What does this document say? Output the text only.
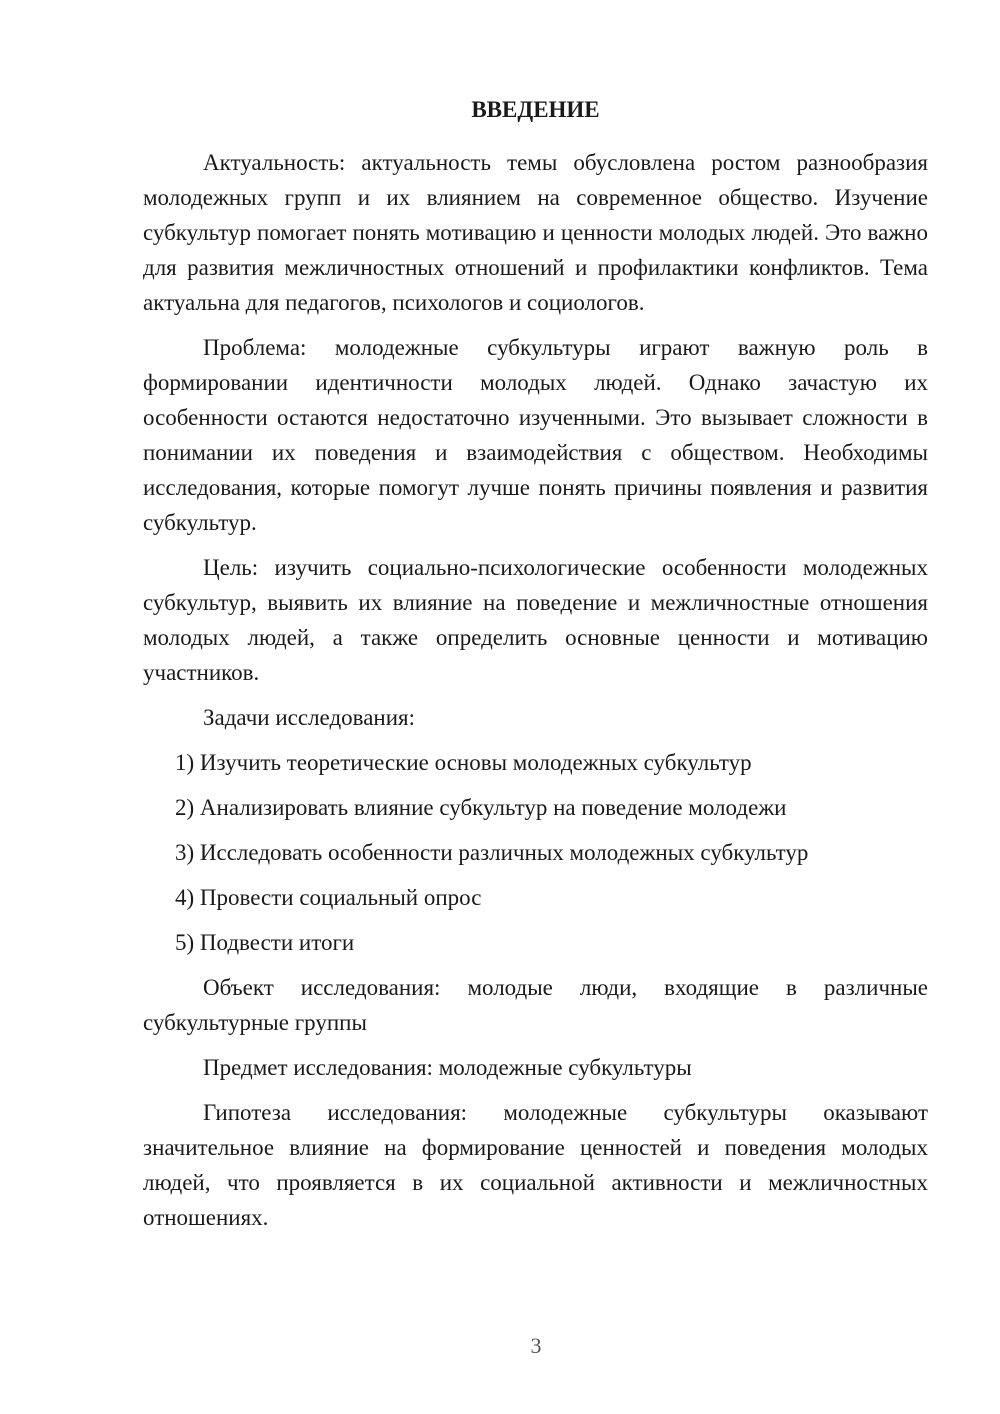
ВВЕДЕНИЕ

Актуальность: актуальность темы обусловлена ростом разнообразия молодежных групп и их влиянием на современное общество. Изучение субкультур помогает понять мотивацию и ценности молодых людей. Это важно для развития межличностных отношений и профилактики конфликтов. Тема актуальна для педагогов, психологов и социологов.

Проблема: молодежные субкультуры играют важную роль в формировании идентичности молодых людей. Однако зачастую их особенности остаются недостаточно изученными. Это вызывает сложности в понимании их поведения и взаимодействия с обществом. Необходимы исследования, которые помогут лучше понять причины появления и развития субкультур.

Цель: изучить социально-психологические особенности молодежных субкультур, выявить их влияние на поведение и межличностные отношения молодых людей, а также определить основные ценности и мотивацию участников.

Задачи исследования:

1) Изучить теоретические основы молодежных субкультур
2) Анализировать влияние субкультур на поведение молодежи
3) Исследовать особенности различных молодежных субкультур
4) Провести социальный опрос
5) Подвести итоги

Объект исследования: молодые люди, входящие в различные субкультурные группы

Предмет исследования: молодежные субкультуры

Гипотеза исследования: молодежные субкультуры оказывают значительное влияние на формирование ценностей и поведения молодых людей, что проявляется в их социальной активности и межличностных отношениях.

3
